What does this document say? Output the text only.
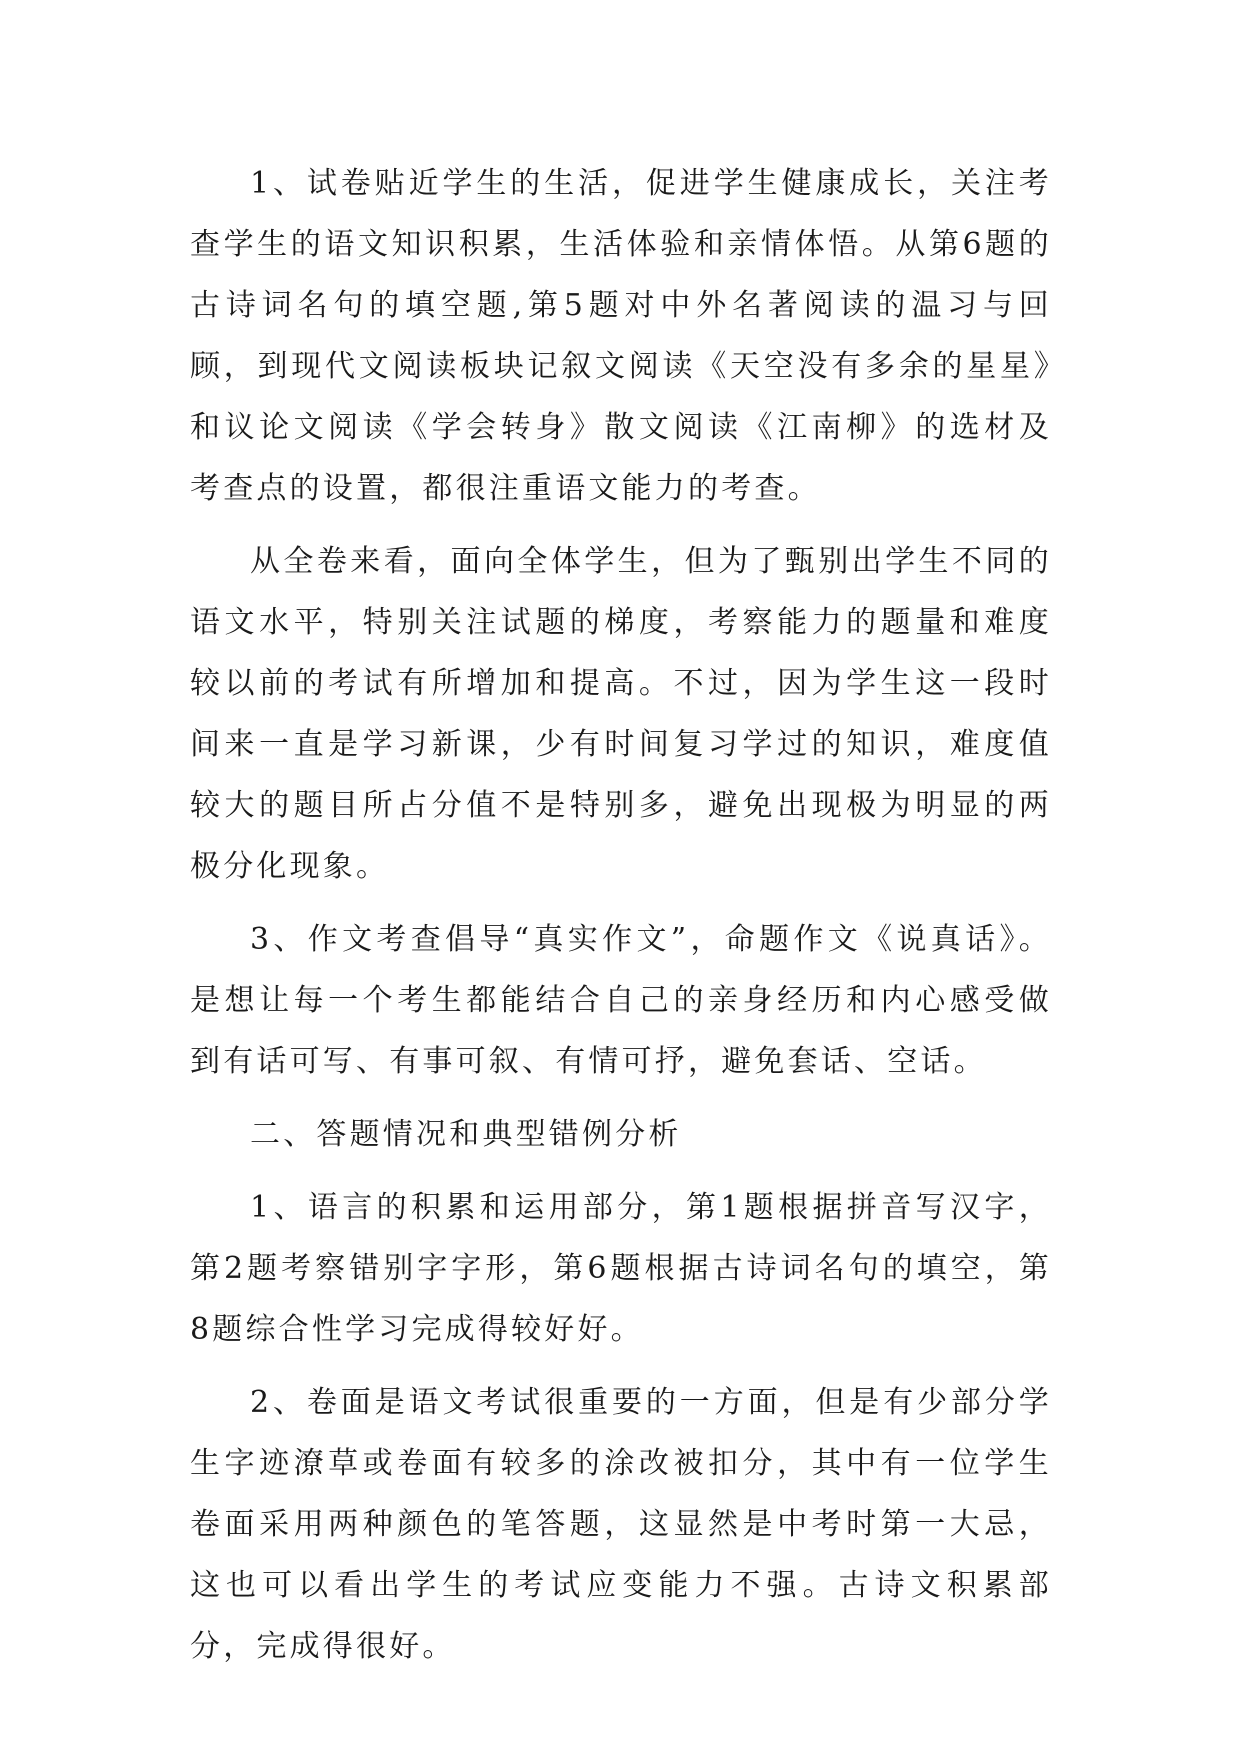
1、试卷贴近学生的生活，促进学生健康成长，关注考查学生的语文知识积累，生活体验和亲情体悟。从第6题的古诗词名句的填空题,第5题对中外名著阅读的温习与回顾，到现代文阅读板块记叙文阅读《天空没有多余的星星》和议论文阅读《学会转身》散文阅读《江南柳》的选材及考查点的设置，都很注重语文能力的考查。

从全卷来看，面向全体学生，但为了甄别出学生不同的语文水平，特别关注试题的梯度，考察能力的题量和难度较以前的考试有所增加和提高。不过，因为学生这一段时间来一直是学习新课，少有时间复习学过的知识，难度值较大的题目所占分值不是特别多，避免出现极为明显的两极分化现象。

3、作文考查倡导“真实作文”，命题作文《说真话》。是想让每一个考生都能结合自己的亲身经历和内心感受做到有话可写、有事可叙、有情可抒，避免套话、空话。

二、答题情况和典型错例分析

1、语言的积累和运用部分，第1题根据拼音写汉字，第2题考察错别字字形，第6题根据古诗词名句的填空，第8题综合性学习完成得较好好。

2、卷面是语文考试很重要的一方面，但是有少部分学生字迹潦草或卷面有较多的涂改被扣分，其中有一位学生卷面采用两种颜色的笔答题，这显然是中考时第一大忌，这也可以看出学生的考试应变能力不强。古诗文积累部分，完成得很好。
